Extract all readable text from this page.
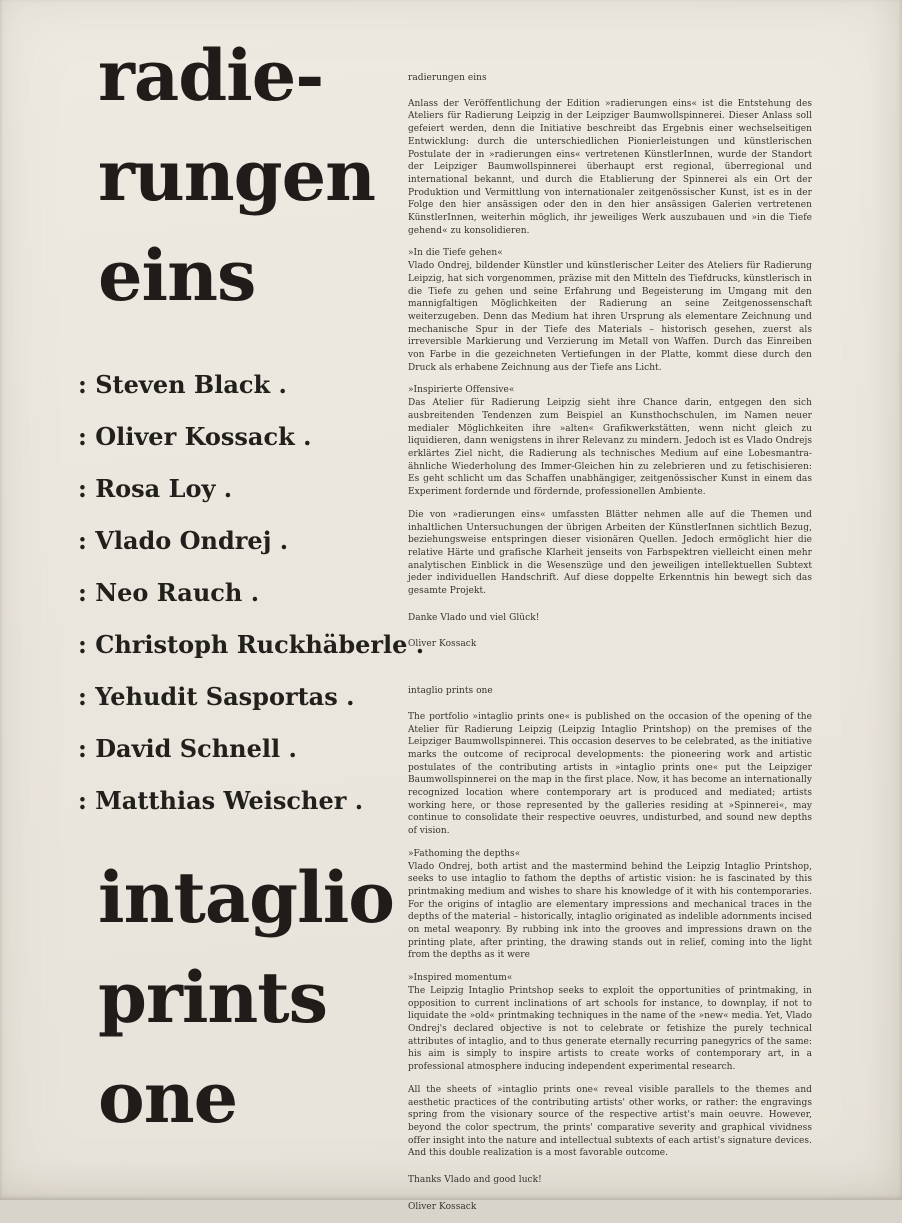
radie-
rungen
eins
: Steven Black .
: Oliver Kossack .
: Rosa Loy .
: Vlado Ondrej .
: Neo Rauch .
: Christoph Ruckhäberle .
: Yehudit Sasportas .
: David Schnell .
: Matthias Weischer .
intaglio
prints
one
radierungen eins
Anlass der Veröffentlichung der Edition »radierungen eins« ist die Entstehung des Ateliers für Radierung Leipzig in der Leipziger Baumwollspinnerei. Dieser Anlass soll gefeiert werden, denn die Initiative beschreibt das Ergebnis einer wechselseitigen Entwicklung: durch die unterschiedlichen Pionierleistungen und künstlerischen Postulate der in »radierungen eins« vertretenen KünstlerInnen, wurde der Standort der Leipziger Baumwollspinnerei überhaupt erst regional, überregional und international bekannt, und durch die Etablierung der Spinnerei als ein Ort der Produktion und Vermittlung von internationaler zeitgenössischer Kunst, ist es in der Folge den hier ansässigen oder den in den hier ansässigen Galerien vertretenen KünstlerInnen, weiterhin möglich, ihr jeweiliges Werk auszubauen und »in die Tiefe gehend« zu konsolidieren.
»In die Tiefe gehen«
Vlado Ondrej, bildender Künstler und künstlerischer Leiter des Ateliers für Radierung Leipzig, hat sich vorgenommen, präzise mit den Mitteln des Tiefdrucks, künstlerisch in die Tiefe zu gehen und seine Erfahrung und Begeisterung im Umgang mit den mannigfaltigen Möglichkeiten der Radierung an seine Zeitgenossenschaft weiterzugeben. Denn das Medium hat ihren Ursprung als elementare Zeichnung und mechanische Spur in der Tiefe des Materials – historisch gesehen, zuerst als irreversible Markierung und Verzierung im Metall von Waffen. Durch das Einreiben von Farbe in die gezeichneten Vertiefungen in der Platte, kommt diese durch den Druck als erhabene Zeichnung aus der Tiefe ans Licht.
»Inspirierte Offensive«
Das Atelier für Radierung Leipzig sieht ihre Chance darin, entgegen den sich ausbreitenden Tendenzen zum Beispiel an Kunsthochschulen, im Namen neuer medialer Möglichkeiten ihre »alten« Grafikwerkstätten, wenn nicht gleich zu liquidieren, dann wenigstens in ihrer Relevanz zu mindern. Jedoch ist es Vlado Ondrejs erklärtes Ziel nicht, die Radierung als technisches Medium auf eine Lobesmantra-ähnliche Wiederholung des Immer-Gleichen hin zu zelebrieren und zu fetischisieren: Es geht schlicht um das Schaffen unabhängiger, zeitgenössischer Kunst in einem das Experiment fordernde und fördernde, professionellen Ambiente.
Die von »radierungen eins« umfassten Blätter nehmen alle auf die Themen und inhaltlichen Untersuchungen der übrigen Arbeiten der KünstlerInnen sichtlich Bezug, beziehungsweise entspringen dieser visionären Quellen. Jedoch ermöglicht hier die relative Härte und grafische Klarheit jenseits von Farbspektren vielleicht einen mehr analytischen Einblick in die Wesenszüge und den jeweiligen intellektuellen Subtext jeder individuellen Handschrift. Auf diese doppelte Erkenntnis hin bewegt sich das gesamte Projekt.
Danke Vlado und viel Glück!
Oliver Kossack
intaglio prints one
The portfolio »intaglio prints one« is published on the occasion of the opening of the Atelier für Radierung Leipzig (Leipzig Intaglio Printshop) on the premises of the Leipziger Baumwollspinnerei. This occasion deserves to be celebrated, as the initiative marks the outcome of reciprocal developments: the pioneering work and artistic postulates of the contributing artists in »intaglio prints one« put the Leipziger Baumwollspinnerei on the map in the first place. Now, it has become an internationally recognized location where contemporary art is produced and mediated; artists working here, or those represented by the galleries residing at »Spinnerei«, may continue to consolidate their respective oeuvres, undisturbed, and sound new depths of vision.
»Fathoming the depths«
Vlado Ondrej, both artist and the mastermind behind the Leipzig Intaglio Printshop, seeks to use intaglio to fathom the depths of artistic vision: he is fascinated by this printmaking medium and wishes to share his knowledge of it with his contemporaries. For the origins of intaglio are elementary impressions and mechanical traces in the depths of the material – historically, intaglio originated as indelible adornments incised on metal weaponry. By rubbing ink into the grooves and impressions drawn on the printing plate, after printing, the drawing stands out in relief, coming into the light from the depths as it were
»Inspired momentum«
The Leipzig Intaglio Printshop seeks to exploit the opportunities of printmaking, in opposition to current inclinations of art schools for instance, to downplay, if not to liquidate the »old« printmaking techniques in the name of the »new« media. Yet, Vlado Ondrej's declared objective is not to celebrate or fetishize the purely technical attributes of intaglio, and to thus generate eternally recurring panegyrics of the same: his aim is simply to inspire artists to create works of contemporary art, in a professional atmosphere inducing independent experimental research.
All the sheets of »intaglio prints one« reveal visible parallels to the themes and aesthetic practices of the contributing artists' other works, or rather: the engravings spring from the visionary source of the respective artist's main oeuvre. However, beyond the color spectrum, the prints' comparative severity and graphical vividness offer insight into the nature and intellectual subtexts of each artist's signature devices. And this double realization is a most favorable outcome.
Thanks Vlado and good luck!
Oliver Kossack
